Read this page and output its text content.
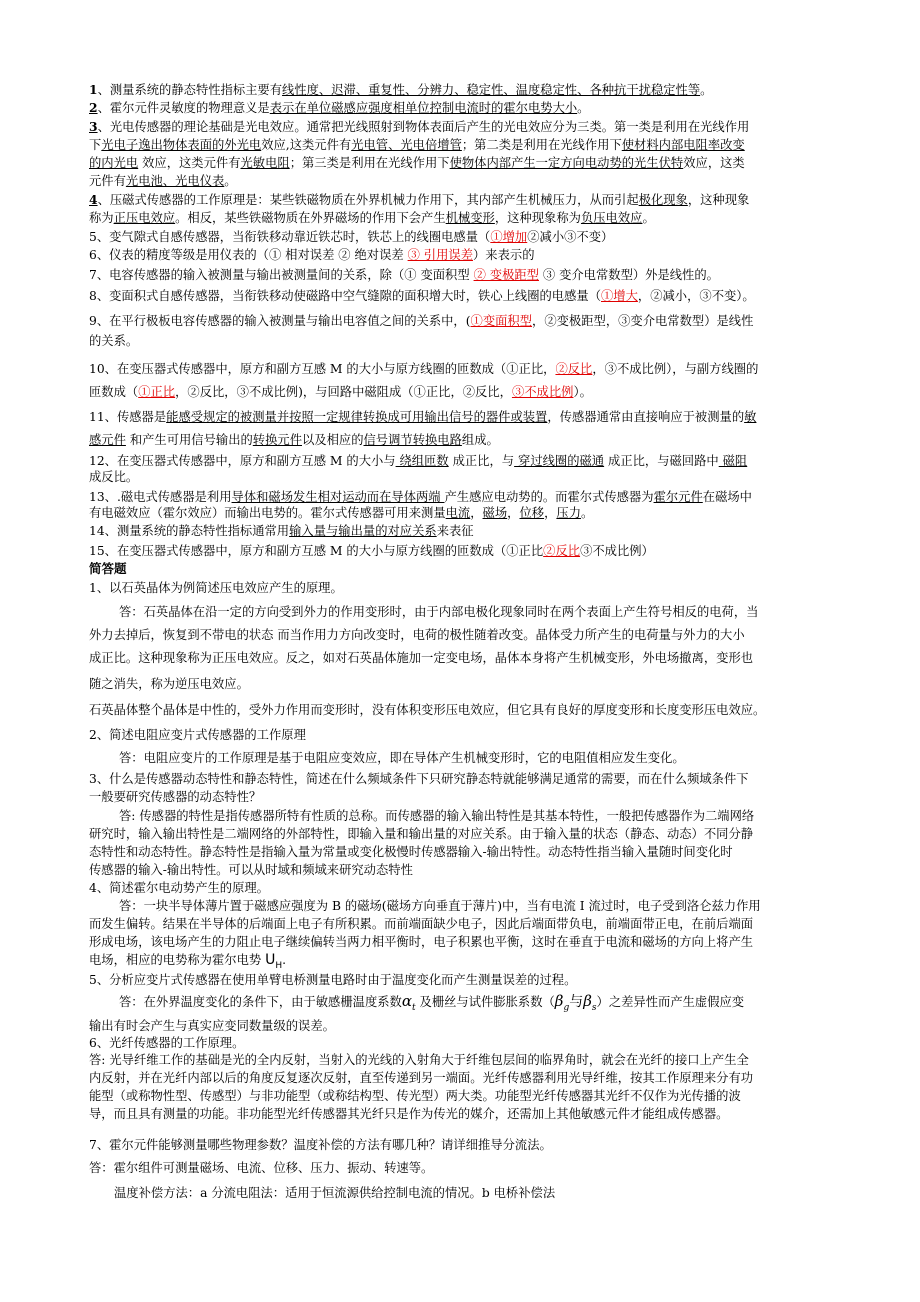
1、测量系统的静态特性指标主要有线性度、迟滞、重复性、分辨力、稳定性、温度稳定性、各种抗干扰稳定性等。
2、霍尔元件灵敏度的物理意义是表示在单位磁感应强度相单位控制电流时的霍尔电势大小。
3、光电传感器的理论基础是光电效应。通常把光线照射到物体表面后产生的光电效应分为三类。第一类是利用在光线作用
下光电子逸出物体表面的外光电效应,这类元件有光电管、光电倍增管；第二类是利用在光线作用下使材料内部电阻率改变
的内光电 效应，这类元件有光敏电阻；第三类是利用在光线作用下使物体内部产生一定方向电动势的光生伏特效应，这类
元件有光电池、光电仪表。
4、压磁式传感器的工作原理是：某些铁磁物质在外界机械力作用下，其内部产生机械压力，从而引起极化现象，这种现象
称为正压电效应。相反，某些铁磁物质在外界磁场的作用下会产生机械变形，这种现象称为负压电效应。
5、变气隙式自感传感器，当衔铁移动靠近铁芯时，铁芯上的线圈电感量（①增加②减小③不变）
6、仪表的精度等级是用仪表的（① 相对误差 ② 绝对误差 ③ 引用误差）来表示的
7、电容传感器的输入被测量与输出被测量间的关系，除（① 变面积型 ② 变极距型 ③ 变介电常数型）外是线性的。
8、变面积式自感传感器，当衔铁移动使磁路中空气缝隙的面积增大时，铁心上线圈的电感量（①增大，②减小，③不变）。
9、在平行极板电容传感器的输入被测量与输出电容值之间的关系中，(①变面积型，②变极距型，③变介电常数型）是线性
的关系。
10、在变压器式传感器中，原方和副方互感 M 的大小与原方线圈的匝数成（①正比，②反比，③不成比例），与副方线圈的
匝数成（①正比，②反比，③不成比例)，与回路中磁阻成（①正比，②反比，③不成比例）。
11、传感器是能感受规定的被测量并按照一定规律转换成可用输出信号的器件或装置，传感器通常由直接响应于被测量的敏
感元件 和产生可用信号输出的转换元件以及相应的信号调节转换电路组成。
12、在变压器式传感器中，原方和副方互感 M 的大小与 绕组匝数 成正比，与 穿过线圈的磁通 成正比，与磁回路中 磁阻
成反比。
13、.磁电式传感器是利用导体和磁场发生相对运动而在导体两端 产生感应电动势的。而霍尔式传感器为霍尔元件在磁场中
有电磁效应（霍尔效应）而输出电势的。霍尔式传感器可用来测量电流，磁场，位移，压力。
14、测量系统的静态特性指标通常用输入量与输出量的对应关系来表征
15、在变压器式传感器中，原方和副方互感 M 的大小与原方线圈的匝数成（①正比②反比③不成比例）
简答题
1、以石英晶体为例简述压电效应产生的原理。
答：石英晶体在沿一定的方向受到外力的作用变形时，由于内部电极化现象同时在两个表面上产生符号相反的电荷，当
外力去掉后，恢复到不带电的状态 而当作用力方向改变时，电荷的极性随着改变。晶体受力所产生的电荷量与外力的大小
成正比。这种现象称为正压电效应。反之，如对石英晶体施加一定变电场，晶体本身将产生机械变形，外电场撤离，变形也
随之消失，称为逆压电效应。
石英晶体整个晶体是中性的，受外力作用而变形时，没有体积变形压电效应，但它具有良好的厚度变形和长度变形压电效应。
2、简述电阻应变片式传感器的工作原理
答：电阻应变片的工作原理是基于电阻应变效应，即在导体产生机械变形时，它的电阻值相应发生变化。
3、什么是传感器动态特性和静态特性，简述在什么频域条件下只研究静态特就能够满足通常的需要，而在什么频域条件下
一般要研究传感器的动态特性？
答: 传感器的特性是指传感器所特有性质的总称。而传感器的输入输出特性是其基本特性，一般把传感器作为二端网络
研究时，输入输出特性是二端网络的外部特性，即输入量和输出量的对应关系。由于输入量的状态（静态、动态）不同分静
态特性和动态特性。静态特性是指输入量为常量或变化极慢时传感器输入-输出特性。动态特性指当输入量随时间变化时
传感器的输入-输出特性。可以从时域和频域来研究动态特性
4、简述霍尔电动势产生的原理。
答：一块半导体薄片置于磁感应强度为 B 的磁场(磁场方向垂直于薄片)中，当有电流 I 流过时，电子受到洛仑兹力作用
而发生偏转。结果在半导体的后端面上电子有所积累。而前端面缺少电子，因此后端面带负电，前端面带正电，在前后端面
形成电场，该电场产生的力阻止电子继续偏转当两力相平衡时，电子积累也平衡，这时在垂直于电流和磁场的方向上将产生
电场，相应的电势称为霍尔电势 $U_H$.
5、分析应变片式传感器在使用单臂电桥测量电路时由于温度变化而产生测量误差的过程。
答：在外界温度变化的条件下，由于敏感栅温度系数$\alpha_t$ 及栅丝与试件膨胀系数（$\beta_g$与$\beta_s$）之差异性而产生虚假应变
输出有时会产生与真实应变同数量级的误差。
6、光纤传感器的工作原理。
答: 光导纤维工作的基础是光的全内反射，当射入的光线的入射角大于纤维包层间的临界角时，就会在光纤的接口上产生全
内反射，并在光纤内部以后的角度反复逐次反射，直至传递到另一端面。光纤传感器利用光导纤维，按其工作原理来分有功
能型（或称物性型、传感型）与非功能型（或称结构型、传光型）两大类。功能型光纤传感器其光纤不仅作为光传播的波
导，而且具有测量的功能。非功能型光纤传感器其光纤只是作为传光的媒介，还需加上其他敏感元件才能组成传感器。
7、霍尔元件能够测量哪些物理参数？温度补偿的方法有哪几种？请详细推导分流法。
答：霍尔组件可测量磁场、电流、位移、压力、振动、转速等。
温度补偿方法：a 分流电阻法：适用于恒流源供给控制电流的情况。b 电桥补偿法
